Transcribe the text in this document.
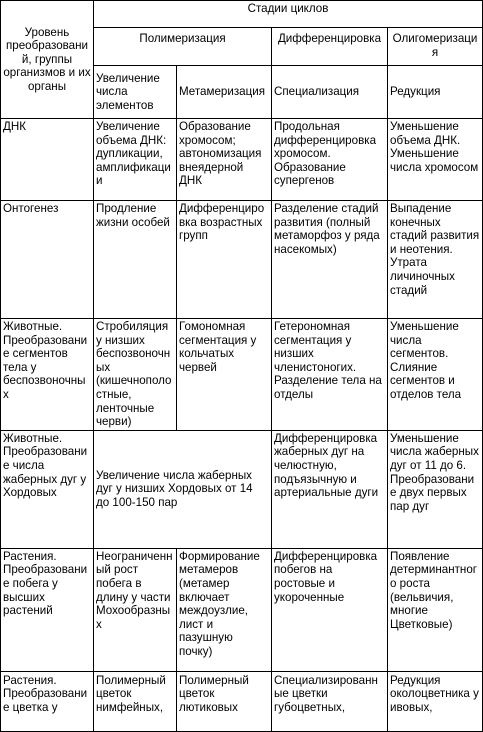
Уровень преобразований, группы организмов и их органы	Стадии циклов			
	Полимеризация		Дифференцировка	Олигомеризация
	Увеличение числа элементов	Метамеризация	Специализация	Редукция
ДНК	Увеличение объема ДНК: дупликации, амплификации	Образование хромосом; автономизация внеядерной ДНК	Продольная дифференцировка хромосом. Образование супергенов	Уменьшение объема ДНК. Уменьшение числа хромосом
Онтогенез	Продление жизни особей	Дифференцировка возрастных групп	Разделение стадий развития (полный метаморфоз у ряда насекомых)	Выпадение конечных стадий развития и неотения. Утрата личиночных стадий
Животные. Преобразование сегментов тела у беспозвоночных	Стробиляция у низших беспозвоночных (кишечнополостные, ленточные черви)	Гомономная сегментация у кольчатых червей	Гетерономная сегментация у низших членистоногих. Разделение тела на отделы	Уменьшение числа сегментов. Слияние сегментов и отделов тела
Животные. Преобразование числа жаберных дуг у Хордовых	Увеличение числа жаберных дуг у низших Хордовых от 14 до 100-150 пар		Дифференцировка жаберных дуг на челюстную, подъязычную и артериальные дуги	Уменьшение числа жаберных дуг от 11 до 6. Преобразование двух первых пар дуг
Растения. Преобразование побега у высших растений	Неограниченный рост побега в длину у части Мохообразных	Формирование метамеров (метамер включает междоузлие, лист и пазушную почку)	Дифференцировка побегов на ростовые и укороченные	Появление детерминантного роста (вельвичия, многие Цветковые)
Растения. Преобразование цветка у	Полимерный цветок нимфейных,	Полимерный цветок лютиковых	Специализированные цветки губоцветных,	Редукция околоцветника у ивовых,
